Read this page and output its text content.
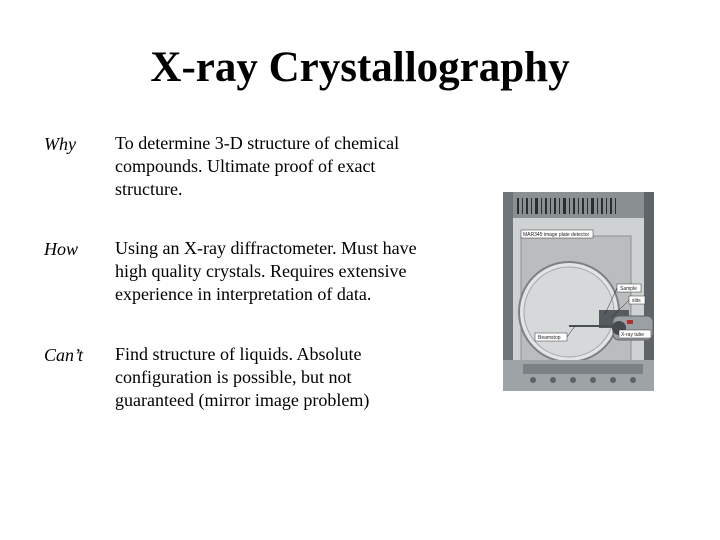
X-ray Crystallography
Why To determine 3-D structure of chemical
compounds. Ultimate proof of exact
structure.
How Using an X-ray diffractometer. Must have
high quality crystals. Requires extensive
experience in interpretation of data.
Can’t Find structure of liquids. Absolute
configuration is possible, but not
guaranteed (mirror image problem)
MAR345 image plate detector
Sample
slits
X-ray tube
Beamstop
